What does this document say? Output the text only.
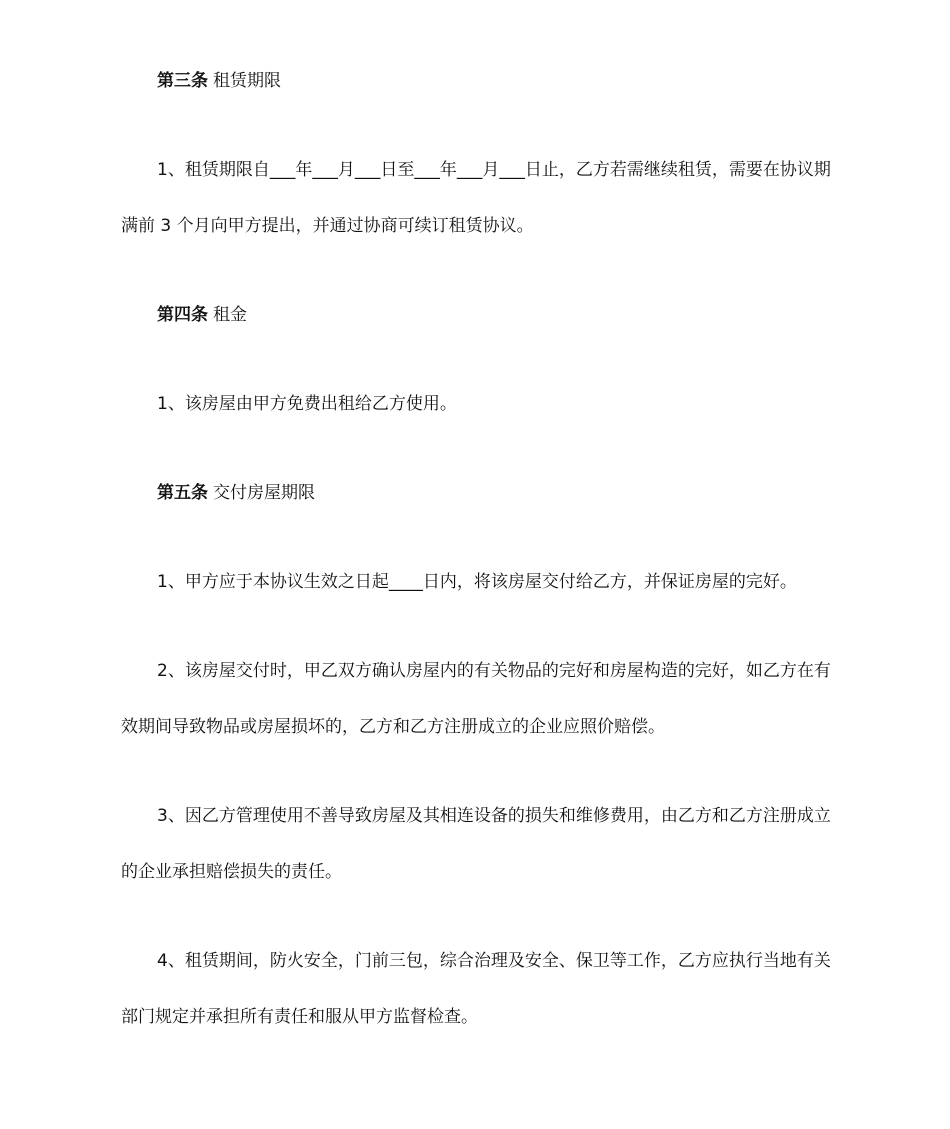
第三条 租赁期限
1、租赁期限自___年___月___日至___年___月___日止，乙方若需继续租赁，需要在协议期
满前 3 个月向甲方提出，并通过协商可续订租赁协议。
第四条 租金
1、该房屋由甲方免费出租给乙方使用。
第五条 交付房屋期限
1、甲方应于本协议生效之日起____日内，将该房屋交付给乙方，并保证房屋的完好。
2、该房屋交付时，甲乙双方确认房屋内的有关物品的完好和房屋构造的完好，如乙方在有
效期间导致物品或房屋损坏的，乙方和乙方注册成立的企业应照价赔偿。
3、因乙方管理使用不善导致房屋及其相连设备的损失和维修费用，由乙方和乙方注册成立
的企业承担赔偿损失的责任。
4、租赁期间，防火安全，门前三包，综合治理及安全、保卫等工作，乙方应执行当地有关
部门规定并承担所有责任和服从甲方监督检查。
